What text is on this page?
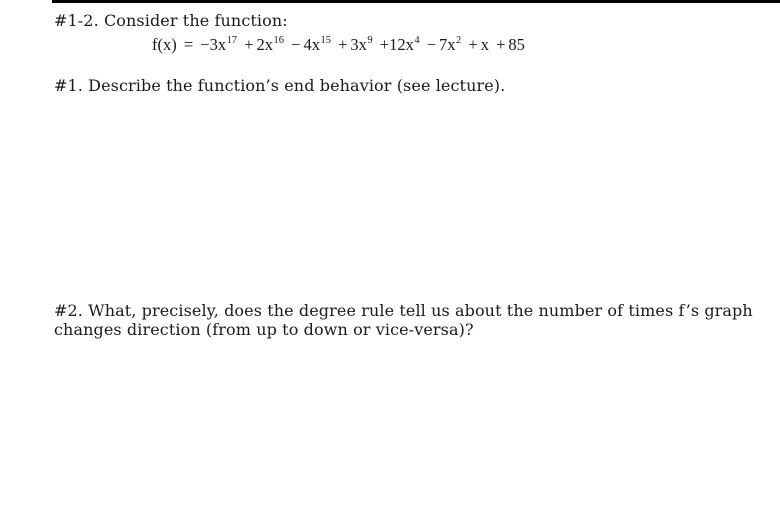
#1-2. Consider the function:
$f(x) = -3x^{17} + 2x^{16} - 4x^{15} + 3x^9 +12x^4 - 7x^2 + x + 85$
#1. Describe the function’s end behavior (see lecture).
#2. What, precisely, does the degree rule tell us about the number of times f’s graph
changes direction (from up to down or vice-versa)?
